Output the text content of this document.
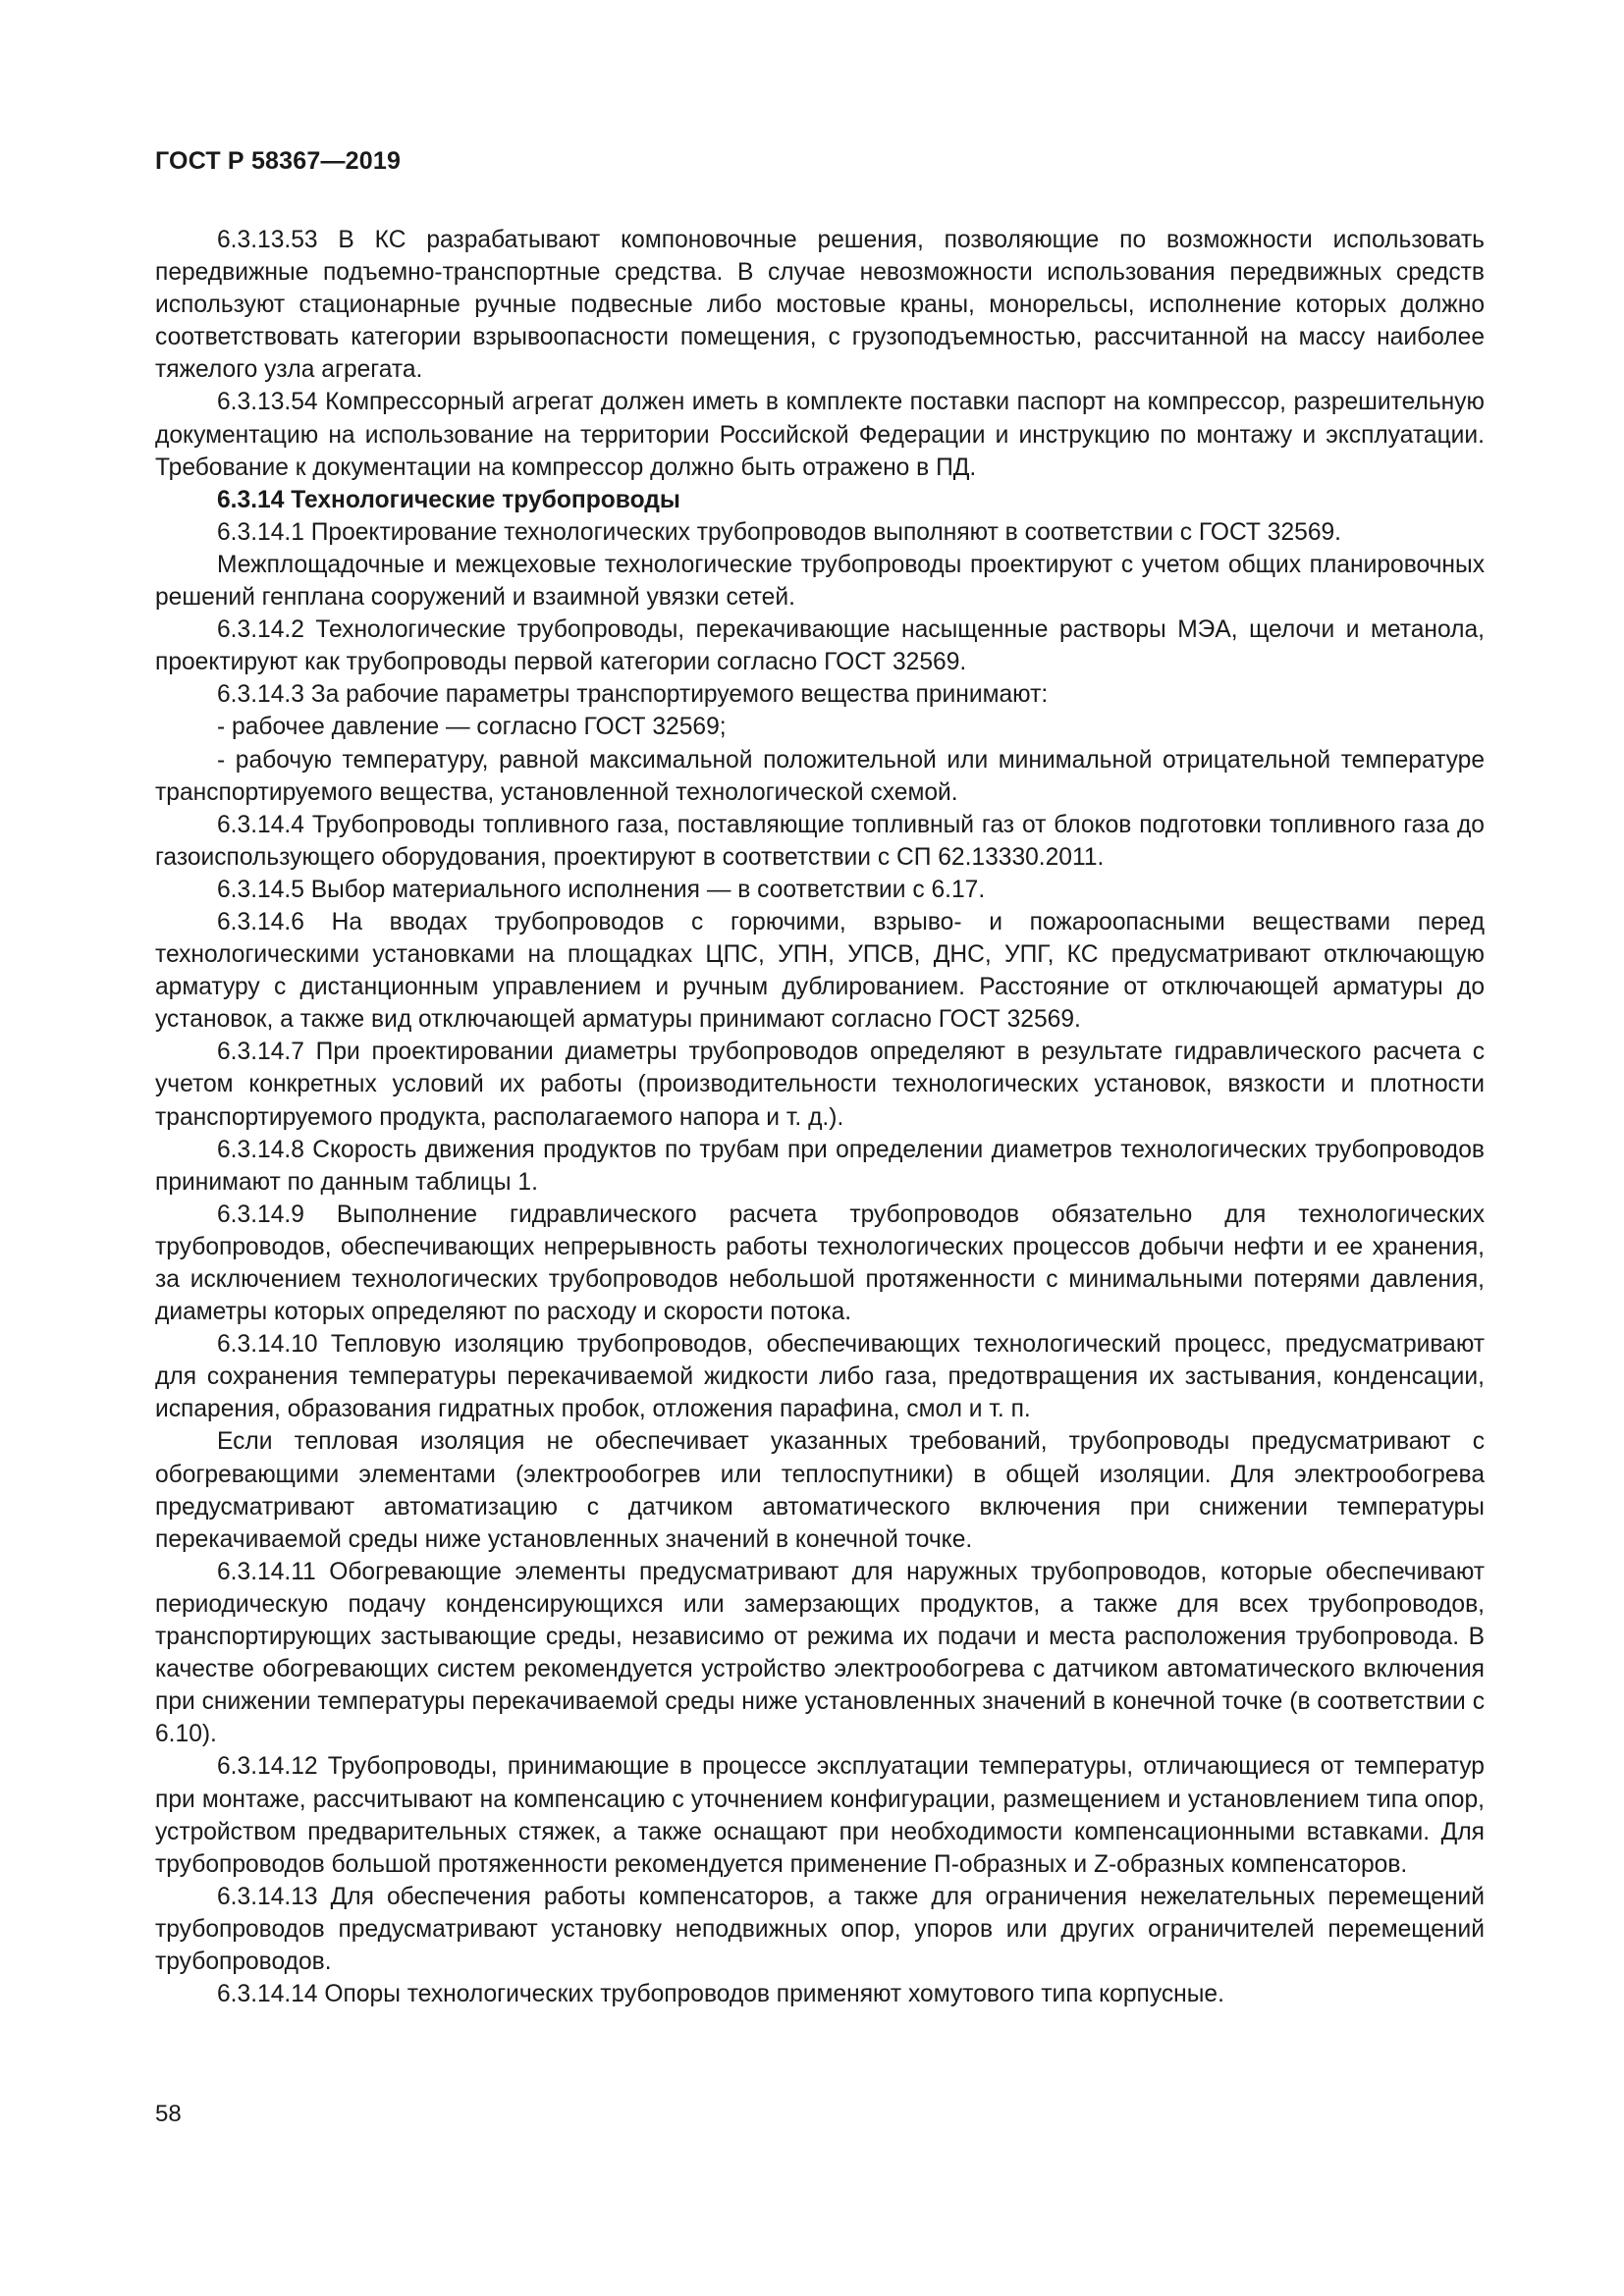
ГОСТ Р 58367—2019

6.3.13.53 В КС разрабатывают компоновочные решения, позволяющие по возможности использовать передвижные подъемно-транспортные средства. В случае невозможности использования передвижных средств используют стационарные ручные подвесные либо мостовые краны, монорельсы, исполнение которых должно соответствовать категории взрывоопасности помещения, с грузоподъемностью, рассчитанной на массу наиболее тяжелого узла агрегата.

6.3.13.54 Компрессорный агрегат должен иметь в комплекте поставки паспорт на компрессор, разрешительную документацию на использование на территории Российской Федерации и инструкцию по монтажу и эксплуатации. Требование к документации на компрессор должно быть отражено в ПД.

6.3.14 Технологические трубопроводы

6.3.14.1 Проектирование технологических трубопроводов выполняют в соответствии с ГОСТ 32569.

Межплощадочные и межцеховые технологические трубопроводы проектируют с учетом общих планировочных решений генплана сооружений и взаимной увязки сетей.

6.3.14.2 Технологические трубопроводы, перекачивающие насыщенные растворы МЭА, щелочи и метанола, проектируют как трубопроводы первой категории согласно ГОСТ 32569.

6.3.14.3 За рабочие параметры транспортируемого вещества принимают:

- рабочее давление — согласно ГОСТ 32569;

- рабочую температуру, равной максимальной положительной или минимальной отрицательной температуре транспортируемого вещества, установленной технологической схемой.

6.3.14.4 Трубопроводы топливного газа, поставляющие топливный газ от блоков подготовки топливного газа до газоиспользующего оборудования, проектируют в соответствии с СП 62.13330.2011.

6.3.14.5 Выбор материального исполнения — в соответствии с 6.17.

6.3.14.6 На вводах трубопроводов с горючими, взрыво- и пожароопасными веществами перед технологическими установками на площадках ЦПС, УПН, УПСВ, ДНС, УПГ, КС предусматривают отключающую арматуру с дистанционным управлением и ручным дублированием. Расстояние от отключающей арматуры до установок, а также вид отключающей арматуры принимают согласно ГОСТ 32569.

6.3.14.7 При проектировании диаметры трубопроводов определяют в результате гидравлического расчета с учетом конкретных условий их работы (производительности технологических установок, вязкости и плотности транспортируемого продукта, располагаемого напора и т. д.).

6.3.14.8 Скорость движения продуктов по трубам при определении диаметров технологических трубопроводов принимают по данным таблицы 1.

6.3.14.9 Выполнение гидравлического расчета трубопроводов обязательно для технологических трубопроводов, обеспечивающих непрерывность работы технологических процессов добычи нефти и ее хранения, за исключением технологических трубопроводов небольшой протяженности с минимальными потерями давления, диаметры которых определяют по расходу и скорости потока.

6.3.14.10 Тепловую изоляцию трубопроводов, обеспечивающих технологический процесс, предусматривают для сохранения температуры перекачиваемой жидкости либо газа, предотвращения их застывания, конденсации, испарения, образования гидратных пробок, отложения парафина, смол и т. п.

Если тепловая изоляция не обеспечивает указанных требований, трубопроводы предусматривают с обогревающими элементами (электрообогрев или теплоспутники) в общей изоляции. Для электрообогрева предусматривают автоматизацию с датчиком автоматического включения при снижении температуры перекачиваемой среды ниже установленных значений в конечной точке.

6.3.14.11 Обогревающие элементы предусматривают для наружных трубопроводов, которые обеспечивают периодическую подачу конденсирующихся или замерзающих продуктов, а также для всех трубопроводов, транспортирующих застывающие среды, независимо от режима их подачи и места расположения трубопровода. В качестве обогревающих систем рекомендуется устройство электрообогрева с датчиком автоматического включения при снижении температуры перекачиваемой среды ниже установленных значений в конечной точке (в соответствии с 6.10).

6.3.14.12 Трубопроводы, принимающие в процессе эксплуатации температуры, отличающиеся от температур при монтаже, рассчитывают на компенсацию с уточнением конфигурации, размещением и установлением типа опор, устройством предварительных стяжек, а также оснащают при необходимости компенсационными вставками. Для трубопроводов большой протяженности рекомендуется применение П-образных и Z-образных компенсаторов.

6.3.14.13 Для обеспечения работы компенсаторов, а также для ограничения нежелательных перемещений трубопроводов предусматривают установку неподвижных опор, упоров или других ограничителей перемещений трубопроводов.

6.3.14.14 Опоры технологических трубопроводов применяют хомутового типа корпусные.

58
